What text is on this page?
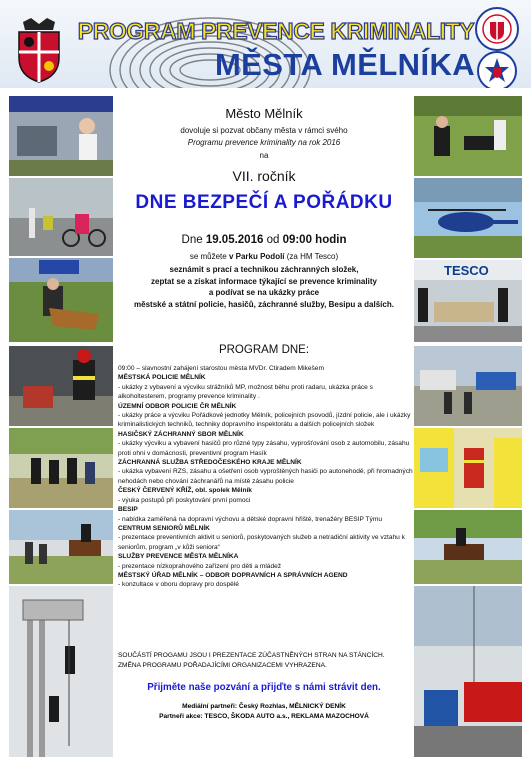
PROGRAM PREVENCE KRIMINALITY
MĚSTA MĚLNÍKA
TESCO
Město Mělník
dovoluje si pozvat občany města v rámci svého
Programu prevence kriminality na rok 2016
na
VII. ročník
DNE BEZPEČÍ A POŘÁDKU
Dne 19.05.2016 od 09:00 hodin
se můžete v Parku Podolí (za HM Tesco)
seznámit s prací a technikou záchranných složek,
zeptat se a získat informace týkající se prevence kriminality
a podívat se na ukázky práce
městské a státní policie, hasičů, záchranné služby, Besipu a dalších.
PROGRAM DNE:
09:00 – slavnostní zahájení starostou města MVDr. Ctiradem Mikešem
MĚSTSKÁ POLICIE MĚLNÍK
- ukázky z vybavení a výcviku strážníků MP, možnost běhu proti radaru, ukázka práce s alkoholtesterem, programy prevence kriminality .
ÚZEMNÍ ODBOR POLICIE ČR MĚLNÍK
- ukázky práce a výcviku Pořádkové jednotky Mělník, policejních psovodů, jízdní policie, ale i ukázky kriminalistických techniků, techniky dopravního inspektorátu a dalších policejních složek
HASIČSKÝ ZÁCHRANNÝ SBOR MĚLNÍK
- ukázky výcviku a vybavení hasičů pro různé typy zásahu, vyprošťování osob z automobilu, zásahu proti ohni v domácnosti, preventivní program Hasík
ZÁCHRANNÁ SLUŽBA STŘEDOČESKÉHO KRAJE MĚLNÍK
- ukázka vybavení RZS, zásahu a ošetření osob vyproštěných hasiči po autonehodě, při hromadných nehodách nebo chování záchranářů na místě zásahu policie
ČESKÝ ČERVENÝ KŘÍŽ, obl. spolek Mělník
- výuka postupů při poskytování první pomoci
BESIP
- nabídka zaměřená na dopravní výchovu a dětské dopravní hřiště, trenažéry BESIP Týmu
CENTRUM SENIORŮ MĚLNÍK
- prezentace preventivních aktivit u seniorů, poskytovaných služeb a netradiční aktivity ve vztahu k seniorům, program „v kůži seniora“
SLUŽBY PREVENCE MĚSTA MĚLNÍKA
- prezentace nízkoprahového zařízení pro děti a mládež
MĚSTSKÝ ÚŘAD MĚLNÍK – ODBOR DOPRAVNÍCH A SPRÁVNÍCH AGEND
- konzultace v oboru dopravy pro dospělé
SOUČÁSTÍ PROGAMU JSOU I PREZENTACE ZÚČASTNĚNÝCH STRAN NA STÁNCÍCH.
ZMĚNA PROGRAMU POŘADAJÍCÍMI ORGANIZACEMI VYHRAZENA.
Přijměte naše pozvání a přijďte s námi strávit den.
Mediální partneři: Český Rozhlas, MĚLNICKÝ DENÍK
Partneři akce: TESCO, ŠKODA AUTO a.s., REKLAMA MAZOCHOVÁ
